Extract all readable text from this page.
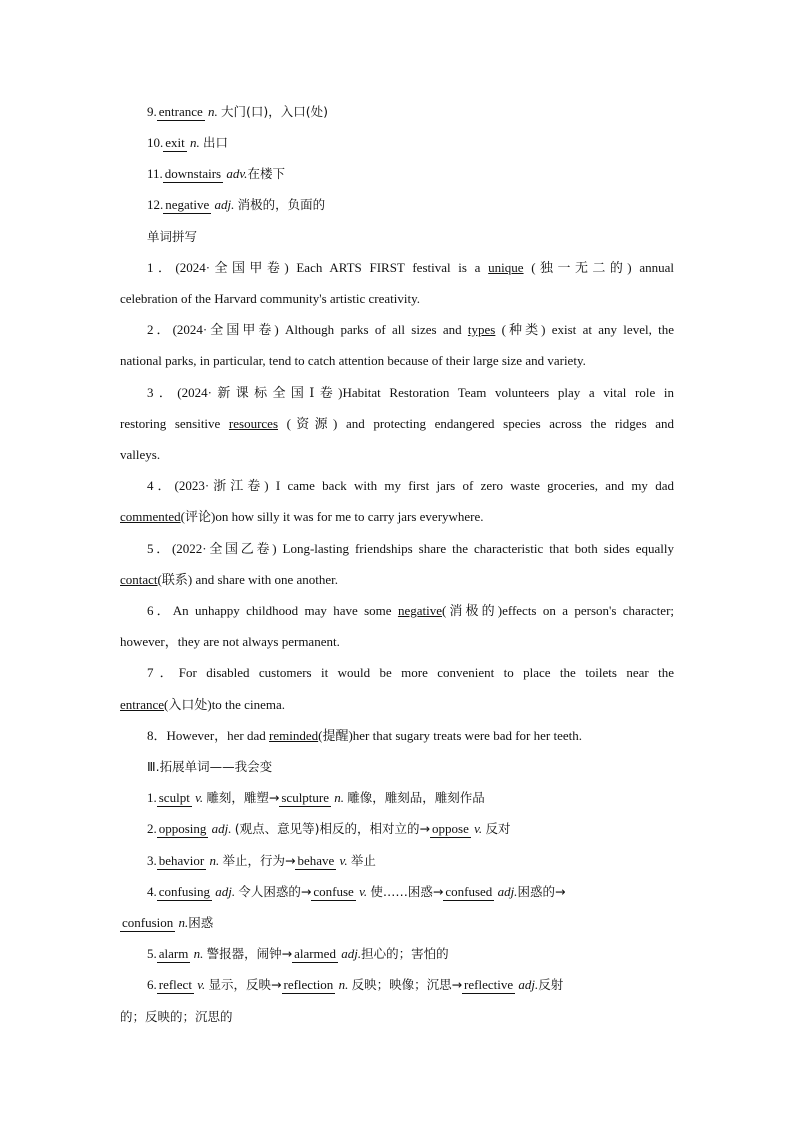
9. entrance n. 大门(口)，入口(处)
10. exit n. 出口
11. downstairs adv.在楼下
12. negative adj. 消极的，负面的
单词拼写
1．(2024·全国甲卷) Each ARTS FIRST festival is a unique (独一无二的) annual
celebration of the Harvard community's artistic creativity.
2．(2024·全国甲卷) Although parks of all sizes and types (种类) exist at any level, the
national parks, in particular, tend to catch attention because of their large size and variety.
3．(2024·新课标全国Ⅰ卷)Habitat Restoration Team volunteers play a vital role in
restoring sensitive resources (资源) and protecting endangered species across the ridges and
valleys.
4．(2023·浙江卷) I came back with my first jars of zero waste groceries, and my dad
commented(评论)on how silly it was for me to carry jars everywhere.
5．(2022·全国乙卷) Long-lasting friendships share the characteristic that both sides equally
contact(联系) and share with one another.
6．An unhappy childhood may have some negative(消极的)effects on a person's character;
however，they are not always permanent.
7．For disabled customers it would be more convenient to place the toilets near the
entrance(入口处)to the cinema.
8．However，her dad reminded(提醒)her that sugary treats were bad for her teeth.
Ⅲ.拓展单词——我会变
1. sculpt v. 雕刻，雕塑→ sculpture n. 雕像，雕刻品，雕刻作品
2. opposing adj. (观点、意见等)相反的，相对立的→ oppose v. 反对
3. behavior n. 举止，行为→ behave v. 举止
4. confusing adj. 令人困惑的→ confuse v. 使……困惑→ confused adj.困惑的→
confusion n.困惑
5. alarm n. 警报器，闹钟→ alarmed adj.担心的；害怕的
6. reflect v. 显示，反映→ reflection n. 反映；映像；沉思→ reflective adj.反射
的；反映的；沉思的
